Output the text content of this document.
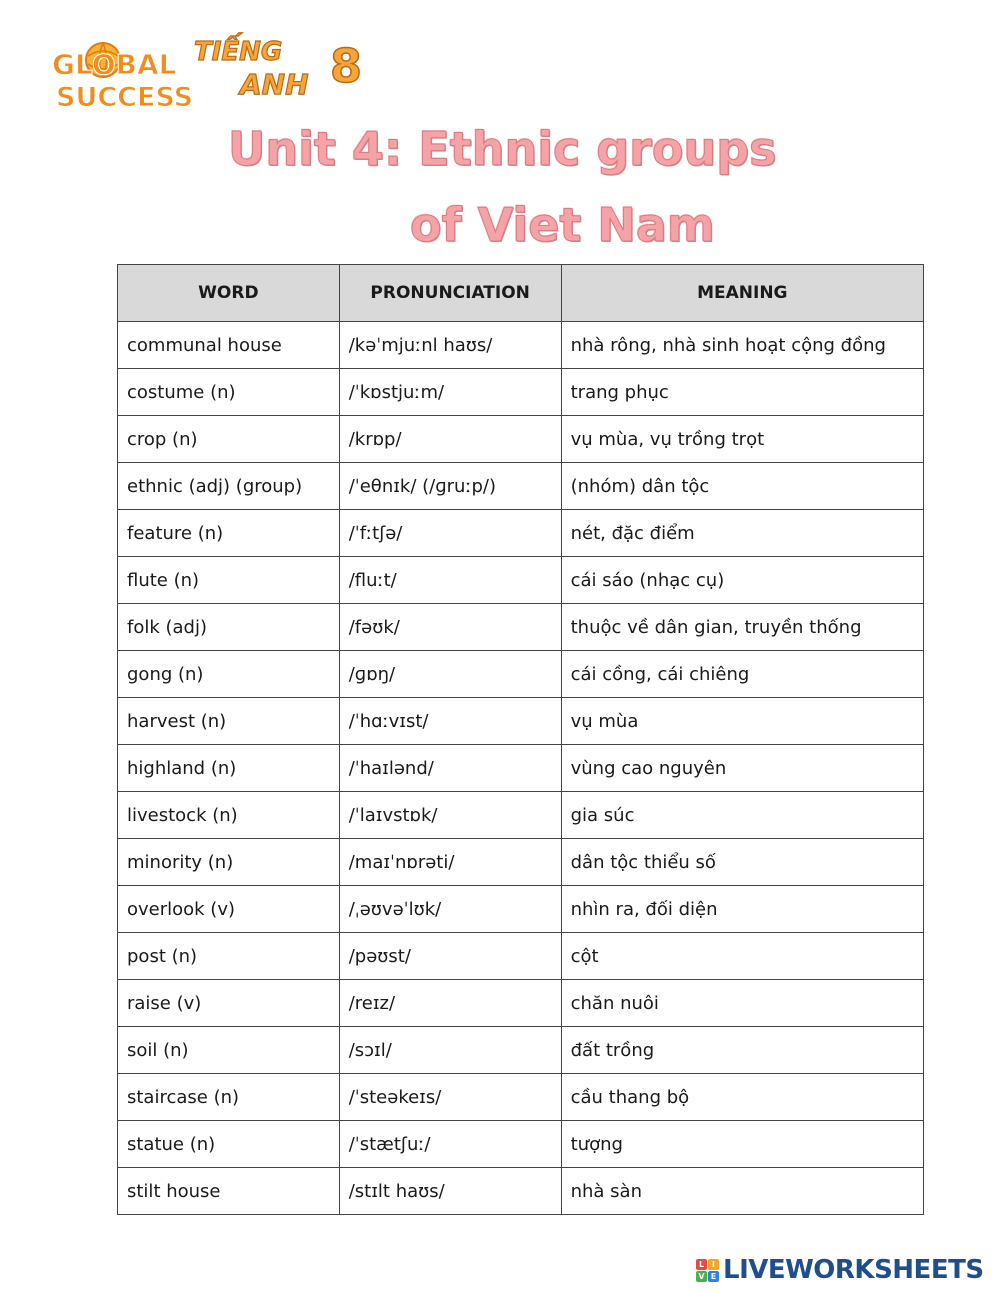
GLOBAL
SUCCESS
TIẾNG
ANH 8
Unit 4: Ethnic groups
of Viet Nam
WORD	PRONUNCIATION	MEANING
communal house	/kəˈmjuːnl haʊs/	nhà rông, nhà sinh hoạt cộng đồng
costume (n)	/ˈkɒstjuːm/	trang phục
crop (n)	/krɒp/	vụ mùa, vụ trồng trọt
ethnic (adj) (group)	/ˈeθnɪk/ (/ɡruːp/)	(nhóm) dân tộc
feature (n)	/ˈfːtʃə/	nét, đặc điểm
flute (n)	/fluːt/	cái sáo (nhạc cụ)
folk (adj)	/fəʊk/	thuộc về dân gian, truyền thống
gong (n)	/ɡɒŋ/	cái cồng, cái chiêng
harvest (n)	/ˈhɑːvɪst/	vụ mùa
highland (n)	/ˈhaɪlənd/	vùng cao nguyên
livestock (n)	/ˈlaɪvstɒk/	gia súc
minority (n)	/maɪˈnɒrəti/	dân tộc thiểu số
overlook (v)	/ˌəʊvəˈlʊk/	nhìn ra, đối diện
post (n)	/pəʊst/	cột
raise (v)	/reɪz/	chăn nuôi
soil (n)	/sɔɪl/	đất trồng
staircase (n)	/ˈsteəkeɪs/	cầu thang bộ
statue (n)	/ˈstætʃuː/	tượng
stilt house	/stɪlt haʊs/	nhà sàn
L I
V E LIVEWORKSHEETS
